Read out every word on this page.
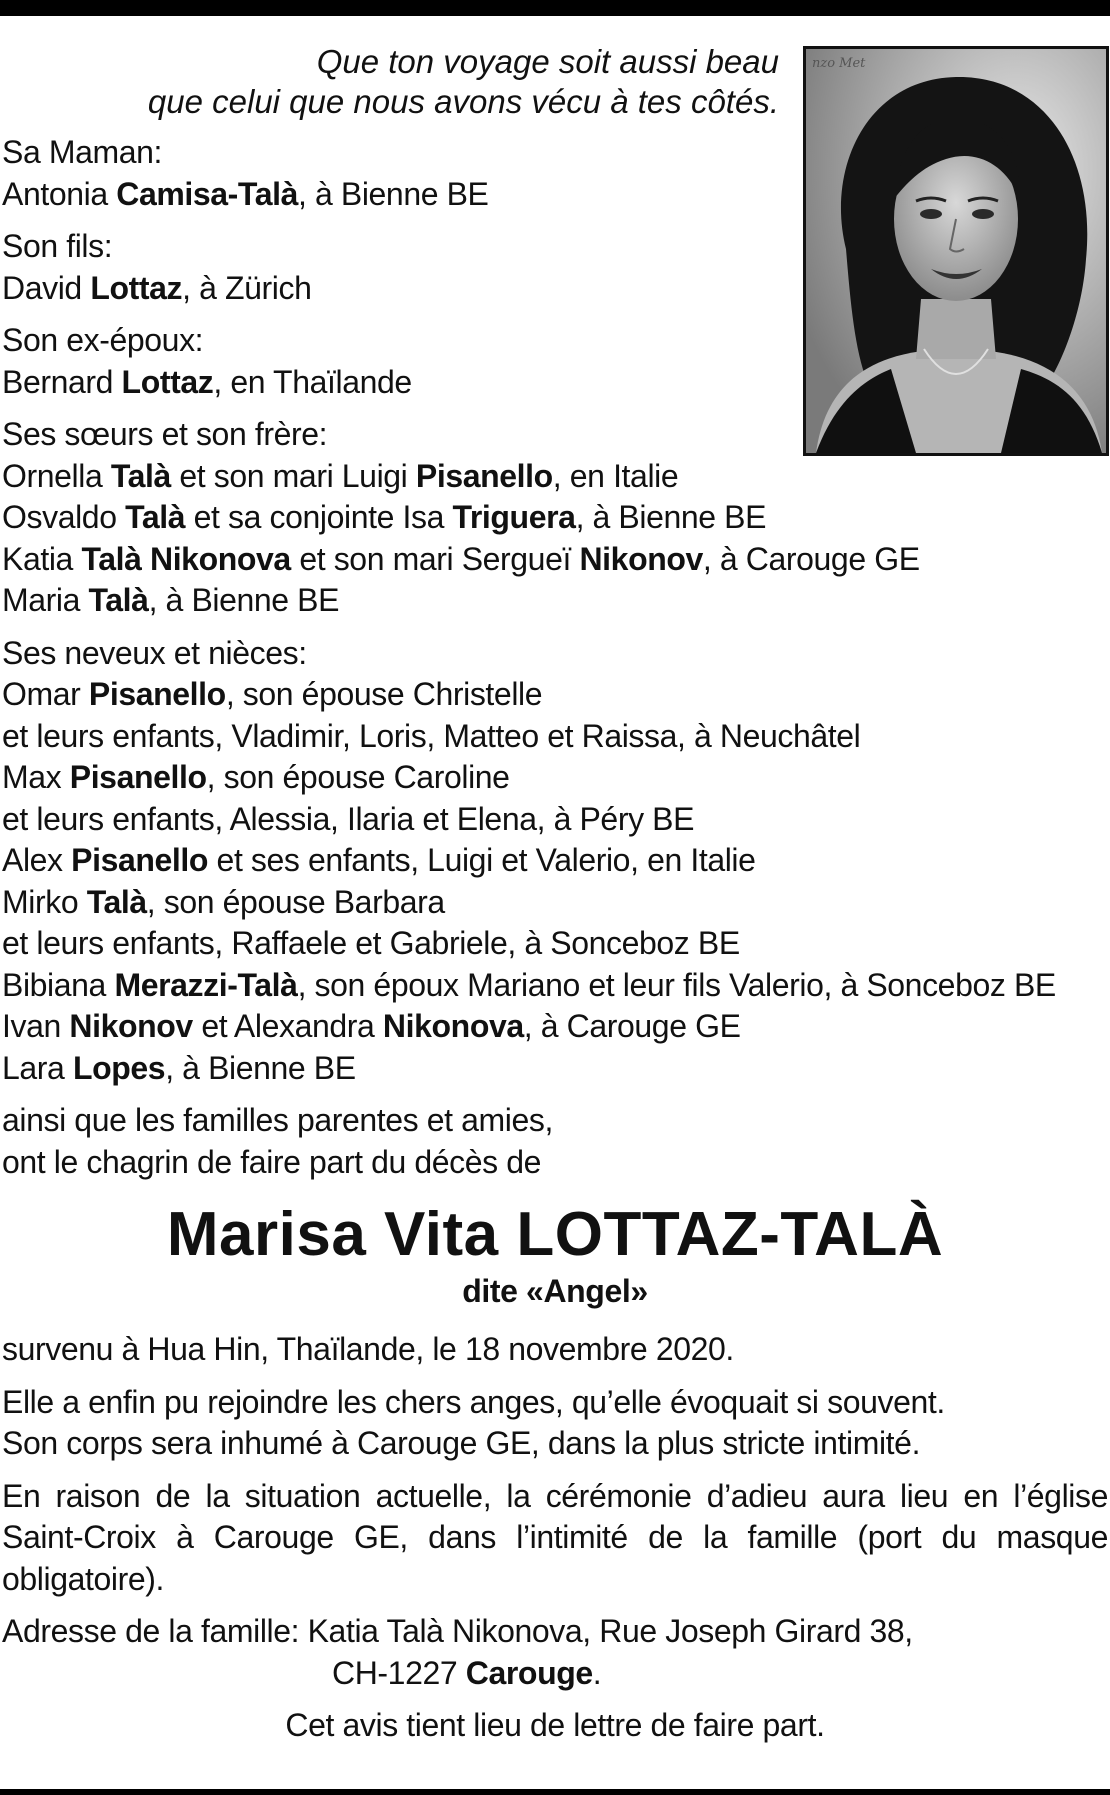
Que ton voyage soit aussi beau
que celui que nous avons vécu à tes côtés.
nzo Met
Sa Maman:
Antonia Camisa-Talà, à Bienne BE
Son fils:
David Lottaz, à Zürich
Son ex-époux:
Bernard Lottaz, en Thaïlande
Ses sœurs et son frère:
Ornella Talà et son mari Luigi Pisanello, en Italie
Osvaldo Talà et sa conjointe Isa Triguera, à Bienne BE
Katia Talà Nikonova et son mari Sergueï Nikonov, à Carouge GE
Maria Talà, à Bienne BE
Ses neveux et nièces:
Omar Pisanello, son épouse Christelle
et leurs enfants, Vladimir, Loris, Matteo et Raissa, à Neuchâtel
Max Pisanello, son épouse Caroline
et leurs enfants, Alessia, Ilaria et Elena, à Péry BE
Alex Pisanello et ses enfants, Luigi et Valerio, en Italie
Mirko Talà, son épouse Barbara
et leurs enfants, Raffaele et Gabriele, à Sonceboz BE
Bibiana Merazzi-Talà, son époux Mariano et leur fils Valerio, à Sonceboz BE
Ivan Nikonov et Alexandra Nikonova, à Carouge GE
Lara Lopes, à Bienne BE
ainsi que les familles parentes et amies,
ont le chagrin de faire part du décès de
Marisa Vita LOTTAZ-TALÀ
dite «Angel»
survenu à Hua Hin, Thaïlande, le 18 novembre 2020.
Elle a enfin pu rejoindre les chers anges, qu’elle évoquait si souvent.
Son corps sera inhumé à Carouge GE, dans la plus stricte intimité.
En raison de la situation actuelle, la cérémonie d’adieu aura lieu en l’église Saint-Croix à Carouge GE, dans l’intimité de la famille (port du masque obligatoire).
Adresse de la famille: Katia Talà Nikonova, Rue Joseph Girard 38,
CH-1227 Carouge.
Cet avis tient lieu de lettre de faire part.
